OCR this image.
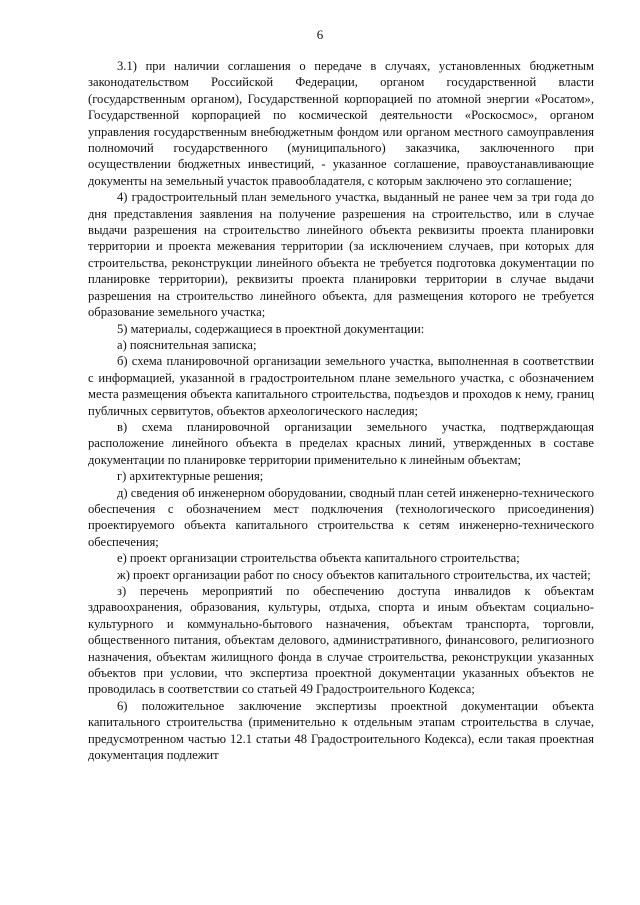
6

3.1) при наличии соглашения о передаче в случаях, установленных бюджетным законодательством Российской Федерации, органом государственной власти (государственным органом), Государственной корпорацией по атомной энергии «Росатом», Государственной корпорацией по космической деятельности «Роскосмос», органом управления государственным внебюджетным фондом или органом местного самоуправления полномочий государственного (муниципального) заказчика, заключенного при осуществлении бюджетных инвестиций, - указанное соглашение, правоустанавливающие документы на земельный участок правообладателя, с которым заключено это соглашение;

4) градостроительный план земельного участка, выданный не ранее чем за три года до дня представления заявления на получение разрешения на строительство, или в случае выдачи разрешения на строительство линейного объекта реквизиты проекта планировки территории и проекта межевания территории (за исключением случаев, при которых для строительства, реконструкции линейного объекта не требуется подготовка документации по планировке территории), реквизиты проекта планировки территории в случае выдачи разрешения на строительство линейного объекта, для размещения которого не требуется образование земельного участка;

5) материалы, содержащиеся в проектной документации:

а) пояснительная записка;

б) схема планировочной организации земельного участка, выполненная в соответствии с информацией, указанной в градостроительном плане земельного участка, с обозначением места размещения объекта капитального строительства, подъездов и проходов к нему, границ публичных сервитутов, объектов археологического наследия;

в) схема планировочной организации земельного участка, подтверждающая расположение линейного объекта в пределах красных линий, утвержденных в составе документации по планировке территории применительно к линейным объектам;

г) архитектурные решения;

д) сведения об инженерном оборудовании, сводный план сетей инженерно-технического обеспечения с обозначением мест подключения (технологического присоединения) проектируемого объекта капитального строительства к сетям инженерно-технического обеспечения;

е) проект организации строительства объекта капитального строительства;

ж) проект организации работ по сносу объектов капитального строительства, их частей;

з) перечень мероприятий по обеспечению доступа инвалидов к объектам здравоохранения, образования, культуры, отдыха, спорта и иным объектам социально-культурного и коммунально-бытового назначения, объектам транспорта, торговли, общественного питания, объектам делового, административного, финансового, религиозного назначения, объектам жилищного фонда в случае строительства, реконструкции указанных объектов при условии, что экспертиза проектной документации указанных объектов не проводилась в соответствии со статьей 49 Градостроительного Кодекса;

6) положительное заключение экспертизы проектной документации объекта капитального строительства (применительно к отдельным этапам строительства в случае, предусмотренном частью 12.1 статьи 48 Градостроительного Кодекса), если такая проектная документация подлежит
